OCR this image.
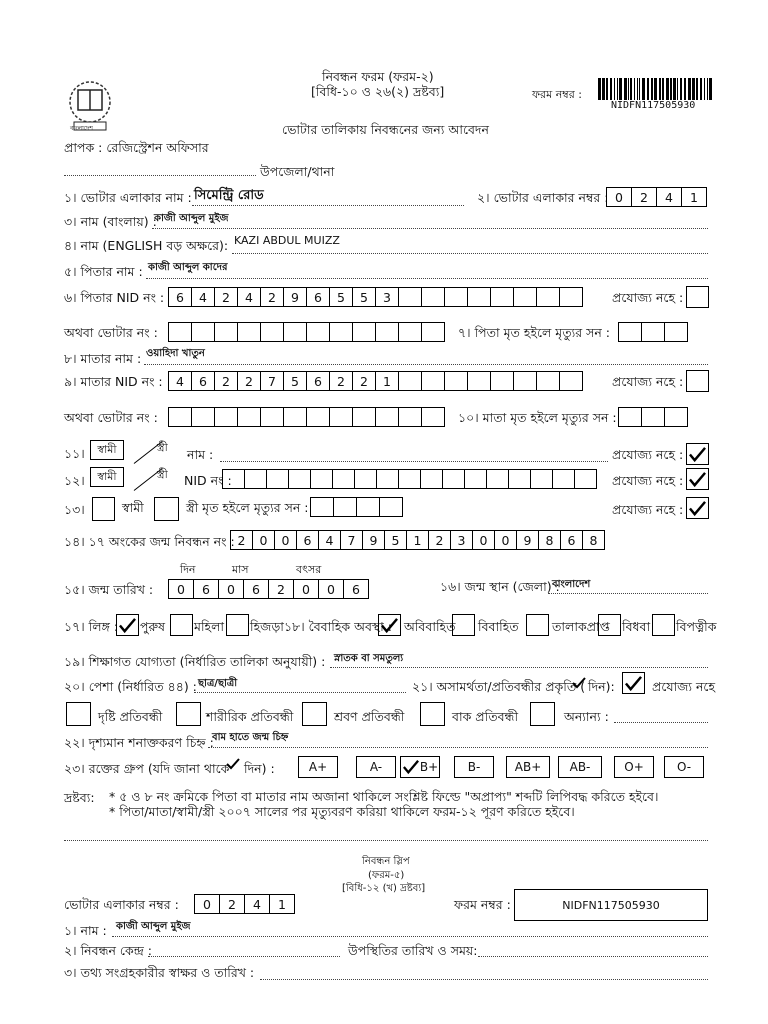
বাংলাদেশ
নিবন্ধন ফরম (ফরম-২)
[বিধি-১০ ও ২৬(২) দ্রষ্টব্য]	ফরম নম্বর :
NIDFN117505930
ভোটার তালিকায় নিবন্ধনের জন্য আবেদন
প্রাপক : রেজিস্ট্রেশন অফিসার
উপজেলা/থানা
১। ভোটার এলাকার নাম : সিমেন্ট্রি রোড	২। ভোটার এলাকার নম্বর : 0	2	4	1
৩। নাম (বাংলায়) :
কাজী আব্দুল মুইজ
৪। নাম (ENGLISH বড় অক্ষরে): KAZI ABDUL MUIZZ
৫। পিতার নাম : কাজী আব্দুল কাদের
৬। পিতার NID নং : 6	4	2	4	2	9	6	5	5	3	প্রযোজ্য নহে :
অথবা ভোটার নং :	৭। পিতা মৃত হইলে মৃত্যুর সন :
৮। মাতার নাম : ওয়াহিদা খাতুন
৯। মাতার NID নং :	4	6	2	2	7	5	6	2	2	1	প্রযোজ্য নহে :
অথবা ভোটার নং :	১০। মাতা মৃত হইলে মৃত্যুর সন :
১১।	স্বামী	স্ত্রী নাম :	প্রযোজ্য নহে :
১২।	স্বামী	স্ত্রী NID নং :	প্রযোজ্য নহে :
১৩।	স্বামী	স্ত্রী মৃত হইলে মৃত্যুর সন :	প্রযোজ্য নহে :
১৪। ১৭ অংকের জন্ম নিবন্ধন নং : 2	0	0	6	4	7	9	5	1	2	3	0	0	9	8	6	8
দিন	মাস	বৎসর
১৫। জন্ম তারিখ :	0	6	0	6	2	0	0	6	১৬। জন্ম স্থান (জেলা) :
বাংলাদেশ
১৭। লিঙ্গ : পুরুষ মহিলা হিজড়া ১৮। বৈবাহিক অবস্থা : অবিবাহিত বিবাহিত	তালাকপ্রাপ্ত বিধবা বিপত্নীক
১৯। শিক্ষাগত যোগ্যতা (নির্ধারিত তালিকা অনুযায়ী) : স্নাতক বা সমতুল্য
২০। পেশা (নির্ধারিত ৪৪) : ছাত্র/ছাত্রী	২১। অসামর্থতা/প্রতিবন্ধীর প্রকৃতি ( দিন):	প্রযোজ্য নহে
দৃষ্টি প্রতিবন্ধী	শারীরিক প্রতিবন্ধী	শ্রবণ প্রতিবন্ধী	বাক প্রতিবন্ধী	অন্যান্য :
২২। দৃশ্যমান শনাক্তকরণ চিহ্ন :
বাম হাতে জন্ম চিহ্ন
২৩। রক্তের গ্রুপ (যদি জানা থাকে দিন) :	A+	A-	B+ B-	AB+ AB-	O+	O-
দ্রষ্টব্য: * ৫ ও ৮ নং ক্রমিকে পিতা বা মাতার নাম অজানা থাকিলে সংশ্লিষ্ট ফিল্ডে "অপ্রাপ্য" শব্দটি লিপিবদ্ধ করিতে হইবে।
* পিতা/মাতা/স্বামী/স্ত্রী ২০০৭ সালের পর মৃত্যুবরণ করিয়া থাকিলে ফরম-১২ পূরণ করিতে হইবে।
নিবন্ধন স্লিপ
(ফরম-৫)
[বিধি-১২ (খ) দ্রষ্টব্য]
ভোটার এলাকার নম্বর :	0	2	4	1	ফরম নম্বর :	NIDFN117505930
১। নাম : কাজী আব্দুল মুইজ
২। নিবন্ধন কেন্দ্র :	উপস্থিতির তারিখ ও সময়:
৩। তথ্য সংগ্রহকারীর স্বাক্ষর ও তারিখ :
